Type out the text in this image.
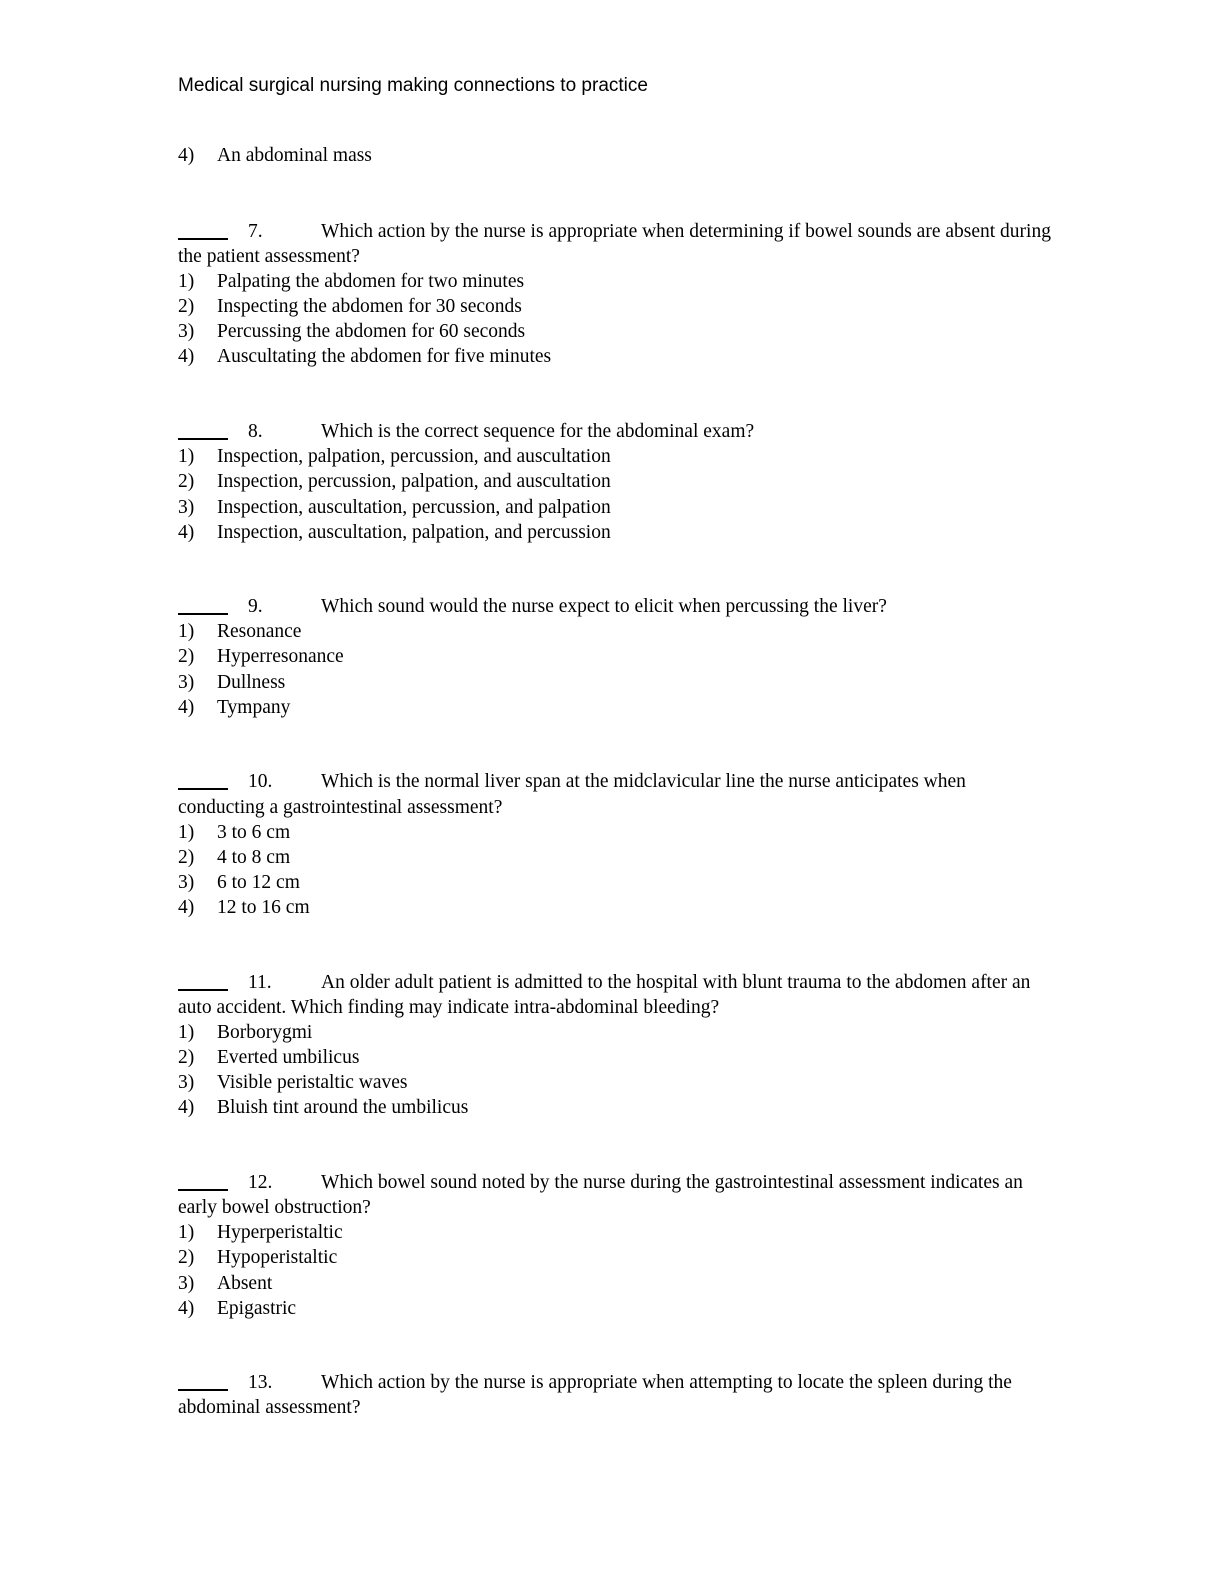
Medical surgical nursing making connections to practice
4) An abdominal mass
7.	Which action by the nurse is appropriate when determining if bowel sounds are absent during
the patient assessment?
1) Palpating the abdomen for two minutes
2) Inspecting the abdomen for 30 seconds
3) Percussing the abdomen for 60 seconds
4) Auscultating the abdomen for five minutes
8.	Which is the correct sequence for the abdominal exam?
1) Inspection, palpation, percussion, and auscultation
2) Inspection, percussion, palpation, and auscultation
3) Inspection, auscultation, percussion, and palpation
4) Inspection, auscultation, palpation, and percussion
9.	Which sound would the nurse expect to elicit when percussing the liver?
1) Resonance
2) Hyperresonance
3) Dullness
4) Tympany
10. Which is the normal liver span at the midclavicular line the nurse anticipates when
conducting a gastrointestinal assessment?
1) 3 to 6 cm
2) 4 to 8 cm
3) 6 to 12 cm
4) 12 to 16 cm
11.	An older adult patient is admitted to the hospital with blunt trauma to the abdomen after an
auto accident. Which finding may indicate intra-abdominal bleeding?
1) Borborygmi
2) Everted umbilicus
3) Visible peristaltic waves
4) Bluish tint around the umbilicus
12. Which bowel sound noted by the nurse during the gastrointestinal assessment indicates an
early bowel obstruction?
1) Hyperperistaltic
2) Hypoperistaltic
3) Absent
4) Epigastric
13. Which action by the nurse is appropriate when attempting to locate the spleen during the
abdominal assessment?
